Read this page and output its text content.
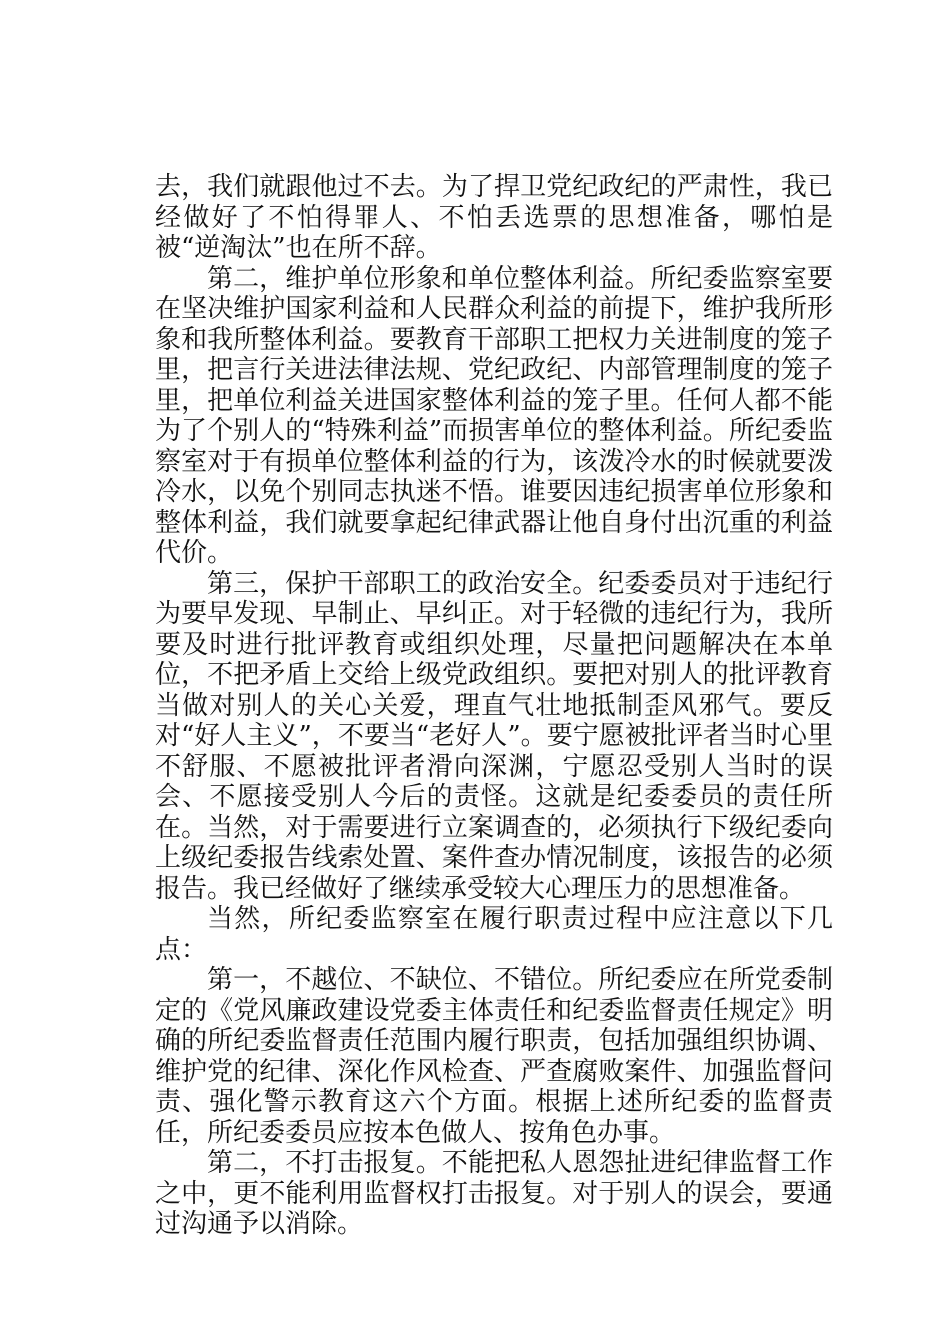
去，我们就跟他过不去。为了捍卫党纪政纪的严肃性，我已经做好了不怕得罪人、不怕丢选票的思想准备，哪怕是被“逆淘汰”也在所不辞。

第二，维护单位形象和单位整体利益。所纪委监察室要在坚决维护国家利益和人民群众利益的前提下，维护我所形象和我所整体利益。要教育干部职工把权力关进制度的笼子里，把言行关进法律法规、党纪政纪、内部管理制度的笼子里，把单位利益关进国家整体利益的笼子里。任何人都不能为了个别人的“特殊利益”而损害单位的整体利益。所纪委监察室对于有损单位整体利益的行为，该泼冷水的时候就要泼冷水，以免个别同志执迷不悟。谁要因违纪损害单位形象和整体利益，我们就要拿起纪律武器让他自身付出沉重的利益代价。

第三，保护干部职工的政治安全。纪委委员对于违纪行为要早发现、早制止、早纠正。对于轻微的违纪行为，我所要及时进行批评教育或组织处理，尽量把问题解决在本单位，不把矛盾上交给上级党政组织。要把对别人的批评教育当做对别人的关心关爱，理直气壮地抵制歪风邪气。要反对“好人主义”，不要当“老好人”。要宁愿被批评者当时心里不舒服、不愿被批评者滑向深渊，宁愿忍受别人当时的误会、不愿接受别人今后的责怪。这就是纪委委员的责任所在。当然，对于需要进行立案调查的，必须执行下级纪委向上级纪委报告线索处置、案件查办情况制度，该报告的必须报告。我已经做好了继续承受较大心理压力的思想准备。

当然，所纪委监察室在履行职责过程中应注意以下几点：

第一，不越位、不缺位、不错位。所纪委应在所党委制定的《党风廉政建设党委主体责任和纪委监督责任规定》明确的所纪委监督责任范围内履行职责，包括加强组织协调、维护党的纪律、深化作风检查、严查腐败案件、加强监督问责、强化警示教育这六个方面。根据上述所纪委的监督责任，所纪委委员应按本色做人、按角色办事。

第二，不打击报复。不能把私人恩怨扯进纪律监督工作之中，更不能利用监督权打击报复。对于别人的误会，要通过沟通予以消除。
